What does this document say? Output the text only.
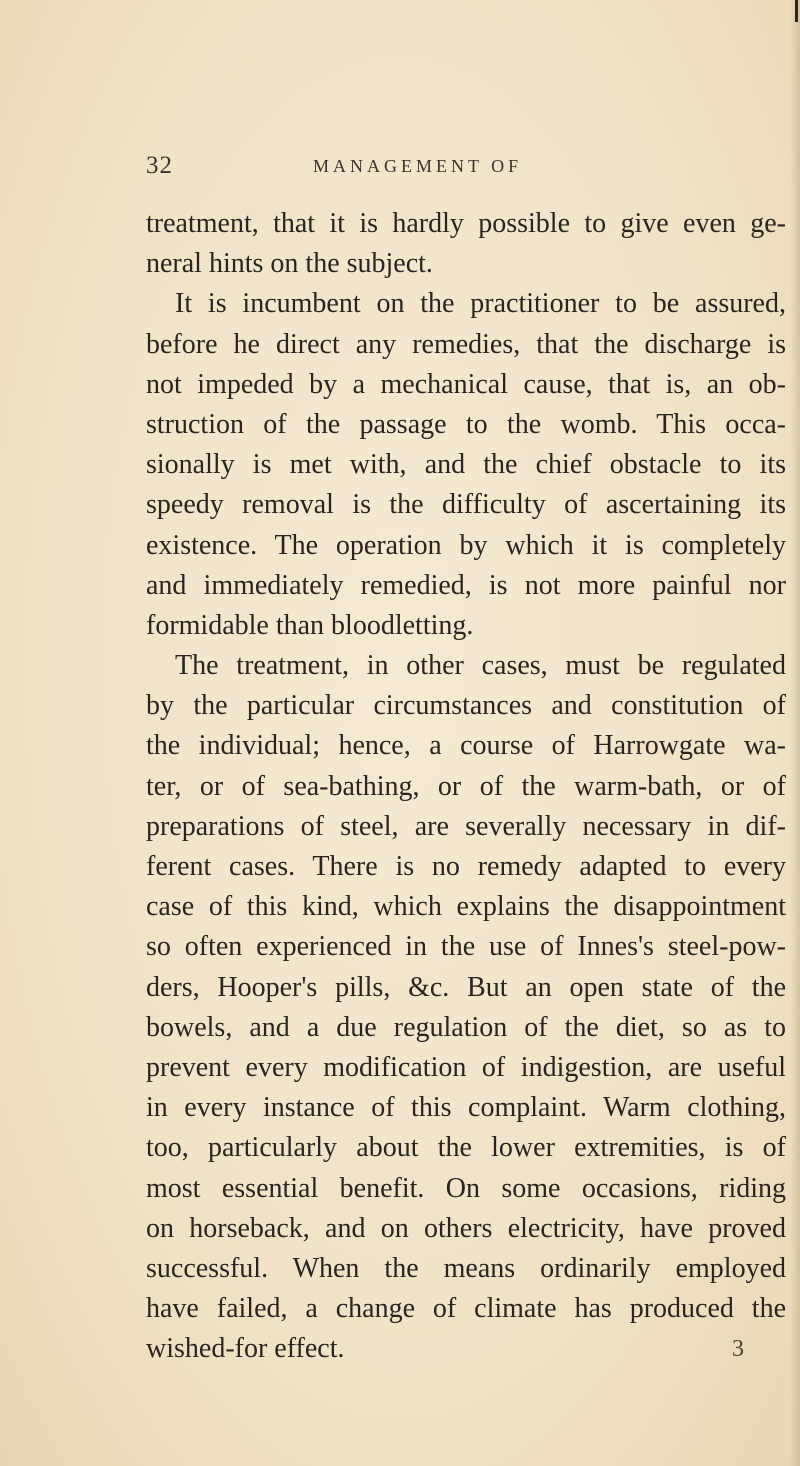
32	MANAGEMENT OF
treatment, that it is hardly possible to give even ge-
neral hints on the subject.
It is incumbent on the practitioner to be assured,
before he direct any remedies, that the discharge is
not impeded by a mechanical cause, that is, an ob-
struction of the passage to the womb. This occa-
sionally is met with, and the chief obstacle to its
speedy removal is the difficulty of ascertaining its
existence. The operation by which it is completely
and immediately remedied, is not more painful nor
formidable than bloodletting.
The treatment, in other cases, must be regulated
by the particular circumstances and constitution of
the individual; hence, a course of Harrowgate wa-
ter, or of sea-bathing, or of the warm-bath, or of
preparations of steel, are severally necessary in dif-
ferent cases. There is no remedy adapted to every
case of this kind, which explains the disappointment
so often experienced in the use of Innes's steel-pow-
ders, Hooper's pills, &c. But an open state of the
bowels, and a due regulation of the diet, so as to
prevent every modification of indigestion, are useful
in every instance of this complaint. Warm clothing,
too, particularly about the lower extremities, is of
most essential benefit. On some occasions, riding
on horseback, and on others electricity, have proved
successful. When the means ordinarily employed
have failed, a change of climate has produced the
wished-for effect.	3
